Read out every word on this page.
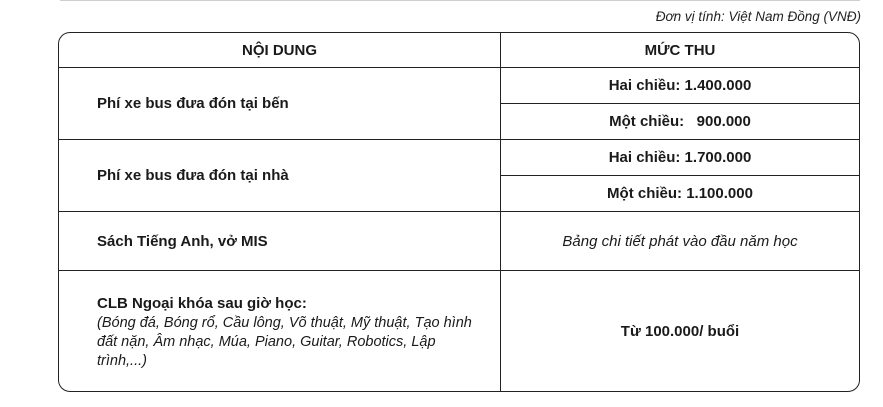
Đơn vị tính: Việt Nam Đồng (VNĐ)
NỘI DUNG	MỨC THU
Phí xe bus đưa đón tại bến
Hai chiều: 1.400.000
Một chiều:   900.000
Phí xe bus đưa đón tại nhà
Hai chiều: 1.700.000
Một chiều: 1.100.000
Sách Tiếng Anh, vở MIS	Bảng chi tiết phát vào đầu năm học
CLB Ngoại khóa sau giờ học:
(Bóng đá, Bóng rổ, Cầu lông, Võ thuật, Mỹ thuật, Tạo hình đất nặn, Âm nhạc, Múa, Piano, Guitar, Robotics, Lập trình,...)
Từ 100.000/ buổi
